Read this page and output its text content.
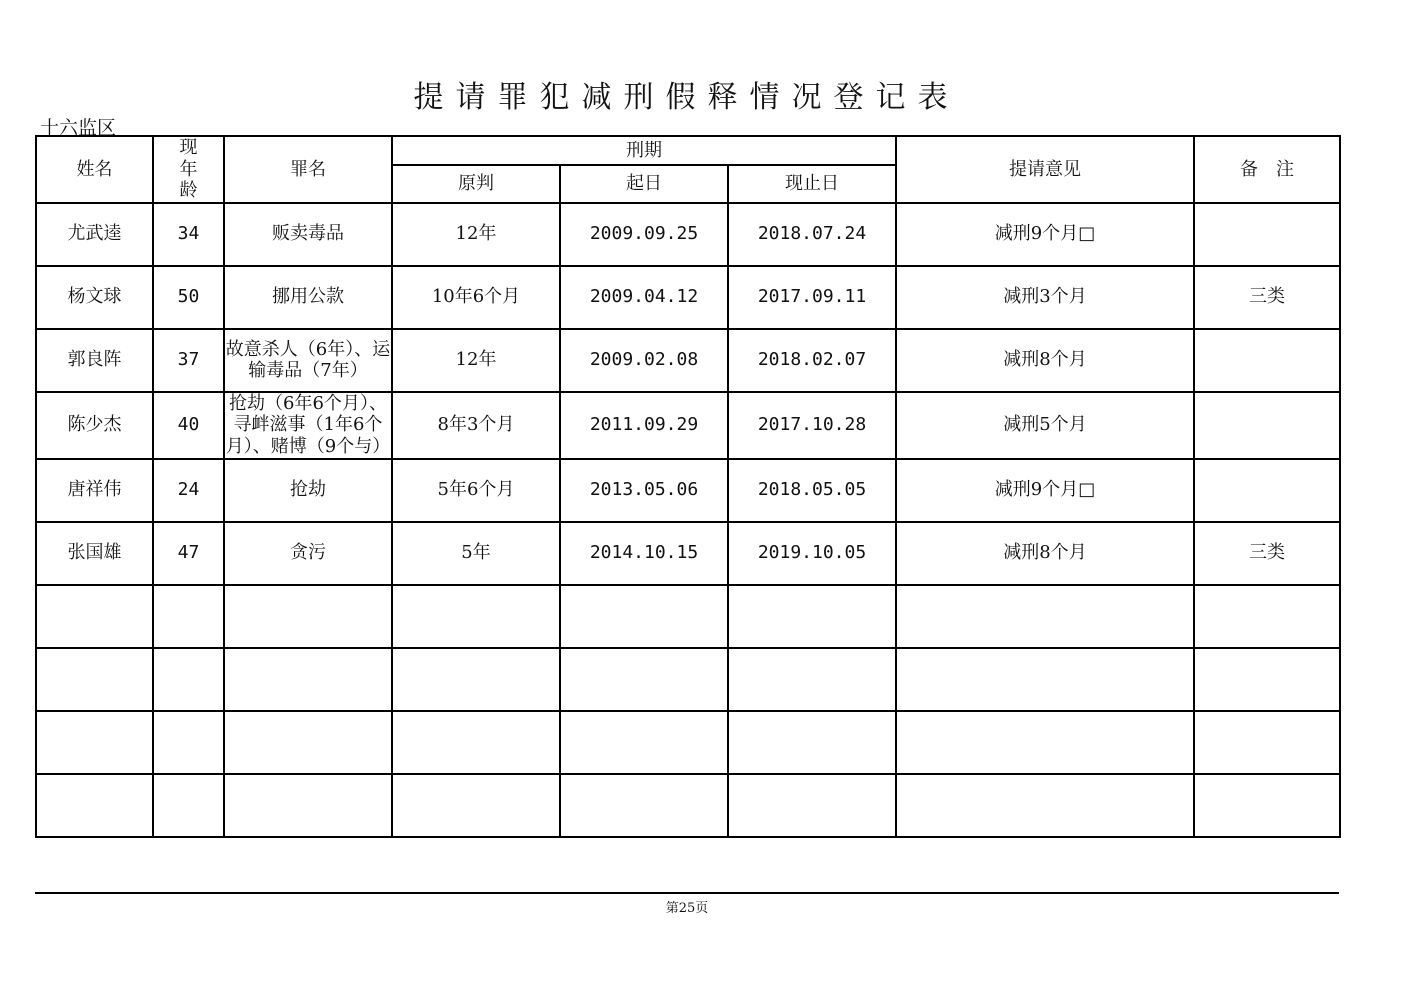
提请罪犯减刑假释情况登记表
十六监区
姓名	现年龄	罪名	刑期			提请意见	备　注
			原判	起日	现止日		
尤武逵	34	贩卖毒品	12年	2009.09.25	2018.07.24	减刑9个月□	
杨文球	50	挪用公款	10年6个月	2009.04.12	2017.09.11	减刑3个月	三类
郭良阵	37	故意杀人（6年）、运输毒品（7年）	12年	2009.02.08	2018.02.07	减刑8个月	
陈少杰	40	抢劫（6年6个月）、寻衅滋事（1年6个月）、赌博（9个与）	8年3个月	2011.09.29	2017.10.28	减刑5个月	
唐祥伟	24	抢劫	5年6个月	2013.05.06	2018.05.05	减刑9个月□	
张国雄	47	贪污	5年	2014.10.15	2019.10.05	减刑8个月	三类

第25页
